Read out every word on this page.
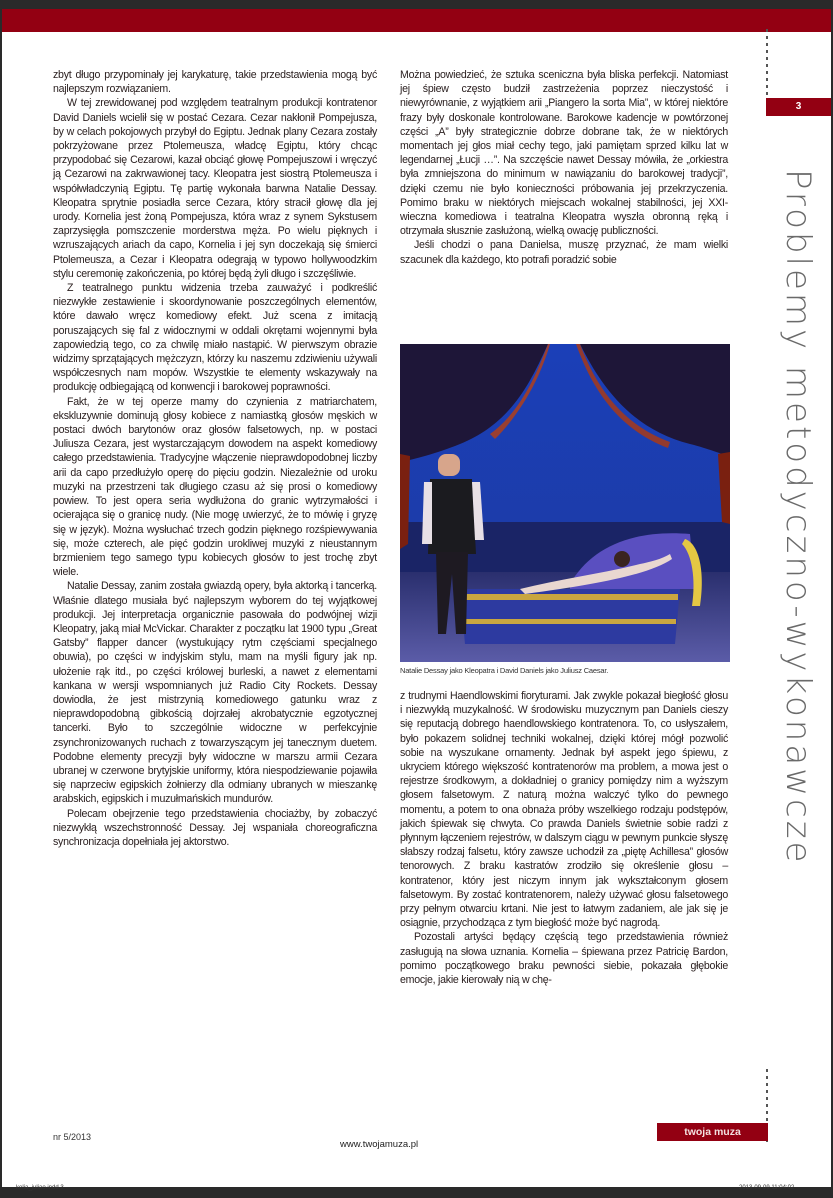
zbyt długo przypominały jej karykaturę, takie przedstawienia mogą być najlepszym rozwiązaniem.

W tej zrewidowanej pod względem teatralnym produkcji kontratenor David Daniels wcielił się w postać Cezara. Cezar nakłonił Pompejusza, by w celach pokojowych przybył do Egiptu. Jednak plany Cezara zostały pokrzyżowane przez Ptolemeusza, władcę Egiptu, który chcąc przypodobać się Cezarowi, kazał obciąć głowę Pompejuszowi i wręczyć ją Cezarowi na zakrwawionej tacy. Kleopatra jest siostrą Ptolemeusza i współwładczynią Egiptu. Tę partię wykonała barwna Natalie Dessay. Kleopatra sprytnie posiadła serce Cezara, który stracił głowę dla jej urody. Kornelia jest żoną Pompejusza, która wraz z synem Sykstusem zaprzysięgła pomszczenie morderstwa męża. Po wielu pięknych i wzruszających ariach da capo, Kornelia i jej syn doczekają się śmierci Ptolemeusza, a Cezar i Kleopatra odegrają w typowo hollywoodzkim stylu ceremonię zakończenia, po której będą żyli długo i szczęśliwie.

Z teatralnego punktu widzenia trzeba zauważyć i podkreślić niezwykłe zestawienie i skoordynowanie poszczególnych elementów, które dawało wręcz komediowy efekt. Już scena z imitacją poruszających się fal z widocznymi w oddali okrętami wojennymi była zapowiedzią tego, co za chwilę miało nastąpić. W pierwszym obrazie widzimy sprzątających mężczyzn, którzy ku naszemu zdziwieniu używali współczesnych nam mopów. Wszystkie te elementy wskazywały na produkcję odbiegającą od konwencji i barokowej poprawności.

Fakt, że w tej operze mamy do czynienia z matriarchatem, ekskluzywnie dominują głosy kobiece z namiastką głosów męskich w postaci dwóch barytonów oraz głosów falsetowych, np. w postaci Juliusza Cezara, jest wystarczającym dowodem na aspekt komediowy całego przedstawienia. Tradycyjne włączenie nieprawdopodobnej liczby arii da capo przedłużyło operę do pięciu godzin. Niezależnie od uroku muzyki na przestrzeni tak długiego czasu aż się prosi o komediowy powiew. To jest opera seria wydłużona do granic wytrzymałości i ocierająca się o granicę nudy. (Nie mogę uwierzyć, że to mówię i gryzę się w język). Można wysłuchać trzech godzin pięknego rozśpiewywania się, może czterech, ale pięć godzin urokliwej muzyki z nieustannym brzmieniem tego samego typu kobiecych głosów to jest trochę zbyt wiele.

Natalie Dessay, zanim została gwiazdą opery, była aktorką i tancerką. Właśnie dlatego musiała być najlepszym wyborem do tej wyjątkowej produkcji. Jej interpretacja organicznie pasowała do podwójnej wizji Kleopatry, jaką miał McVickar. Charakter z początku lat 1900 typu „Great Gatsby” flapper dancer (wystukujący rytm częściami specjalnego obuwia), po części w indyjskim stylu, mam na myśli figury jak np. ułożenie rąk itd., po części królowej burleski, a nawet z elementami kankana w wersji wspomnianych już Radio City Rockets. Dessay dowiodła, że jest mistrzynią komediowego gatunku wraz z nieprawdopodobną gibkością dojrzałej akrobatycznie egzotycznej tancerki. Było to szczególnie widoczne w perfekcyjnie zsynchronizowanych ruchach z towarzyszącym jej tanecznym duetem. Podobne elementy precyzji były widoczne w marszu armii Cezara ubranej w czerwone brytyjskie uniformy, która niespodziewanie pojawiła się naprzeciw egipskich żołnierzy dla odmiany ubranych w mieszankę arabskich, egipskich i muzułmańskich mundurów.

Polecam obejrzenie tego przedstawienia chociażby, by zobaczyć niezwykłą wszechstronność Dessay. Jej wspaniała choreograficzna synchronizacja dopełniała jej aktorstwo.

Można powiedzieć, że sztuka sceniczna była bliska perfekcji. Natomiast jej śpiew często budził zastrzeżenia poprzez nieczystość i niewyrównanie, z wyjątkiem arii „Piangero la sorta Mia”, w której niektóre frazy były doskonale kontrolowane. Barokowe kadencje w powtórzonej części „A” były strategicznie dobrze dobrane tak, że w niektórych momentach jej głos miał cechy tego, jaki pamiętam sprzed kilku lat w legendarnej „Łucji …”. Na szczęście nawet Dessay mówiła, że „orkiestra była zmniejszona do minimum w nawiązaniu do barokowej tradycji”, dzięki czemu nie było konieczności próbowania jej przekrzyczenia. Pomimo braku w niektórych miejscach wokalnej stabilności, jej XXI-wieczna komediowa i teatralna Kleopatra wyszła obronną ręką i otrzymała słusznie zasłużoną, wielką owację publiczności.

Jeśli chodzi o pana Danielsa, muszę przyznać, że mam wielki szacunek dla każdego, kto potrafi poradzić sobie

Natalie Dessay jako Kleopatra i David Daniels jako Juliusz Caesar.

z trudnymi Haendlowskimi fioryturami. Jak zwykle pokazał biegłość głosu i niezwykłą muzykalność. W środowisku muzycznym pan Daniels cieszy się reputacją dobrego haendlowskiego kontratenora. To, co usłyszałem, było pokazem solidnej techniki wokalnej, dzięki której mógł pozwolić sobie na wyszukane ornamenty. Jednak był aspekt jego śpiewu, z ukryciem którego większość kontratenorów ma problem, a mowa jest o rejestrze środkowym, a dokładniej o granicy pomiędzy nim a wyższym głosem falsetowym. Z naturą można walczyć tylko do pewnego momentu, a potem to ona obnaża próby wszelkiego rodzaju podstępów, jakich śpiewak się chwyta. Co prawda Daniels świetnie sobie radzi z płynnym łączeniem rejestrów, w dalszym ciągu w pewnym punkcie słyszę słabszy rodzaj falsetu, który zawsze uchodził za „piętę Achillesa” głosów tenorowych. Z braku kastratów zrodziło się określenie głosu – kontratenor, który jest niczym innym jak wykształconym głosem falsetowym. By zostać kontratenorem, należy używać głosu falsetowego przy pełnym otwarciu krtani. Nie jest to łatwym zadaniem, ale jak się je osiągnie, przychodząca z tym biegłość może być nagrodą.

Pozostali artyści będący częścią tego przedstawienia również zasługują na słowa uznania. Kornelia – śpiewana przez Patricię Bardon, pomimo początkowego braku pewności siebie, pokazała głębokie emocje, jakie kierowały nią w chę-

3
Problemy metodyczno-wykonawcze
nr 5/2013
www.twojamuza.pl
twoja muza
kelia_juliao.indd 3	2013-09-09 11:04:02
